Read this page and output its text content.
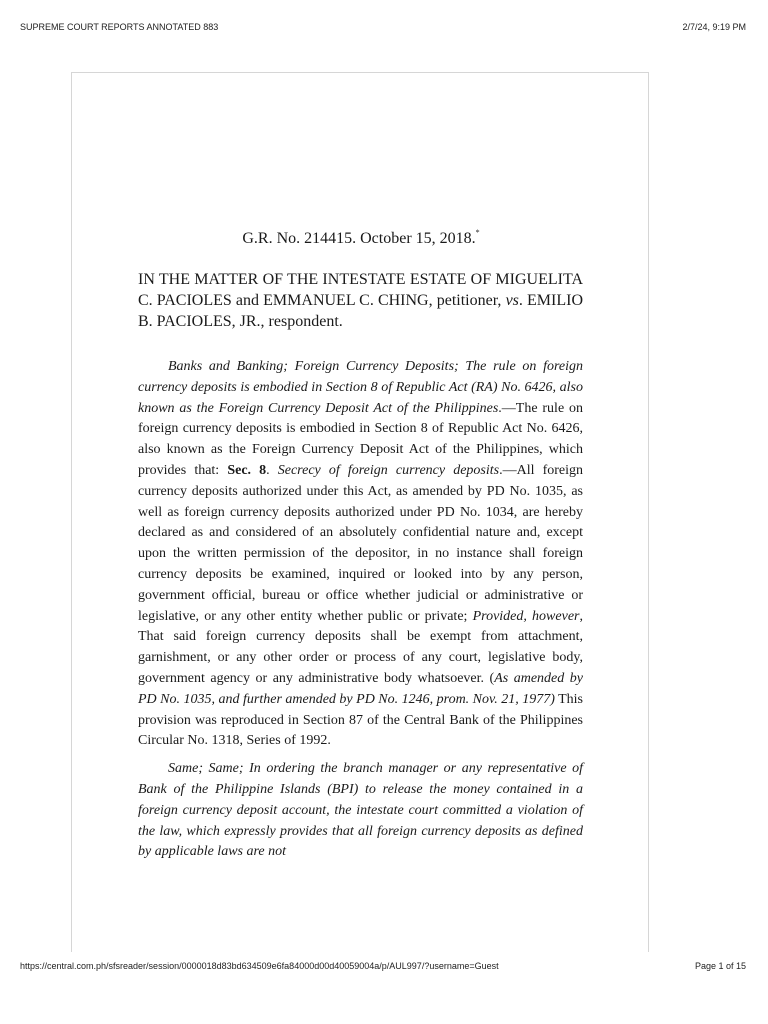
SUPREME COURT REPORTS ANNOTATED 883	2/7/24, 9:19 PM
G.R. No. 214415. October 15, 2018.*
IN THE MATTER OF THE INTESTATE ESTATE OF MIGUELITA C. PACIOLES and EMMANUEL C. CHING, petitioner, vs. EMILIO B. PACIOLES, JR., respondent.

Banks and Banking; Foreign Currency Deposits; The rule on foreign currency deposits is embodied in Section 8 of Republic Act (RA) No. 6426, also known as the Foreign Currency Deposit Act of the Philippines.—The rule on foreign currency deposits is embodied in Section 8 of Republic Act No. 6426, also known as the Foreign Currency Deposit Act of the Philippines, which provides that: Sec. 8. Secrecy of foreign currency deposits.—All foreign currency deposits authorized under this Act, as amended by PD No. 1035, as well as foreign currency deposits authorized under PD No. 1034, are hereby declared as and considered of an absolutely confidential nature and, except upon the written permission of the depositor, in no instance shall foreign currency deposits be examined, inquired or looked into by any person, government official, bureau or office whether judicial or administrative or legislative, or any other entity whether public or private; Provided, however, That said foreign currency deposits shall be exempt from attachment, garnishment, or any other order or process of any court, legislative body, government agency or any administrative body whatsoever. (As amended by PD No. 1035, and further amended by PD No. 1246, prom. Nov. 21, 1977) This provision was reproduced in Section 87 of the Central Bank of the Philippines Circular No. 1318, Series of 1992.

Same; Same; In ordering the branch manager or any representative of Bank of the Philippine Islands (BPI) to release the money contained in a foreign currency deposit account, the intestate court committed a violation of the law, which expressly provides that all foreign currency deposits as defined by applicable laws are not

https://central.com.ph/sfsreader/session/0000018d83bd634509e6fa84000d00d40059004a/p/AUL997/?username=Guest	Page 1 of 15
